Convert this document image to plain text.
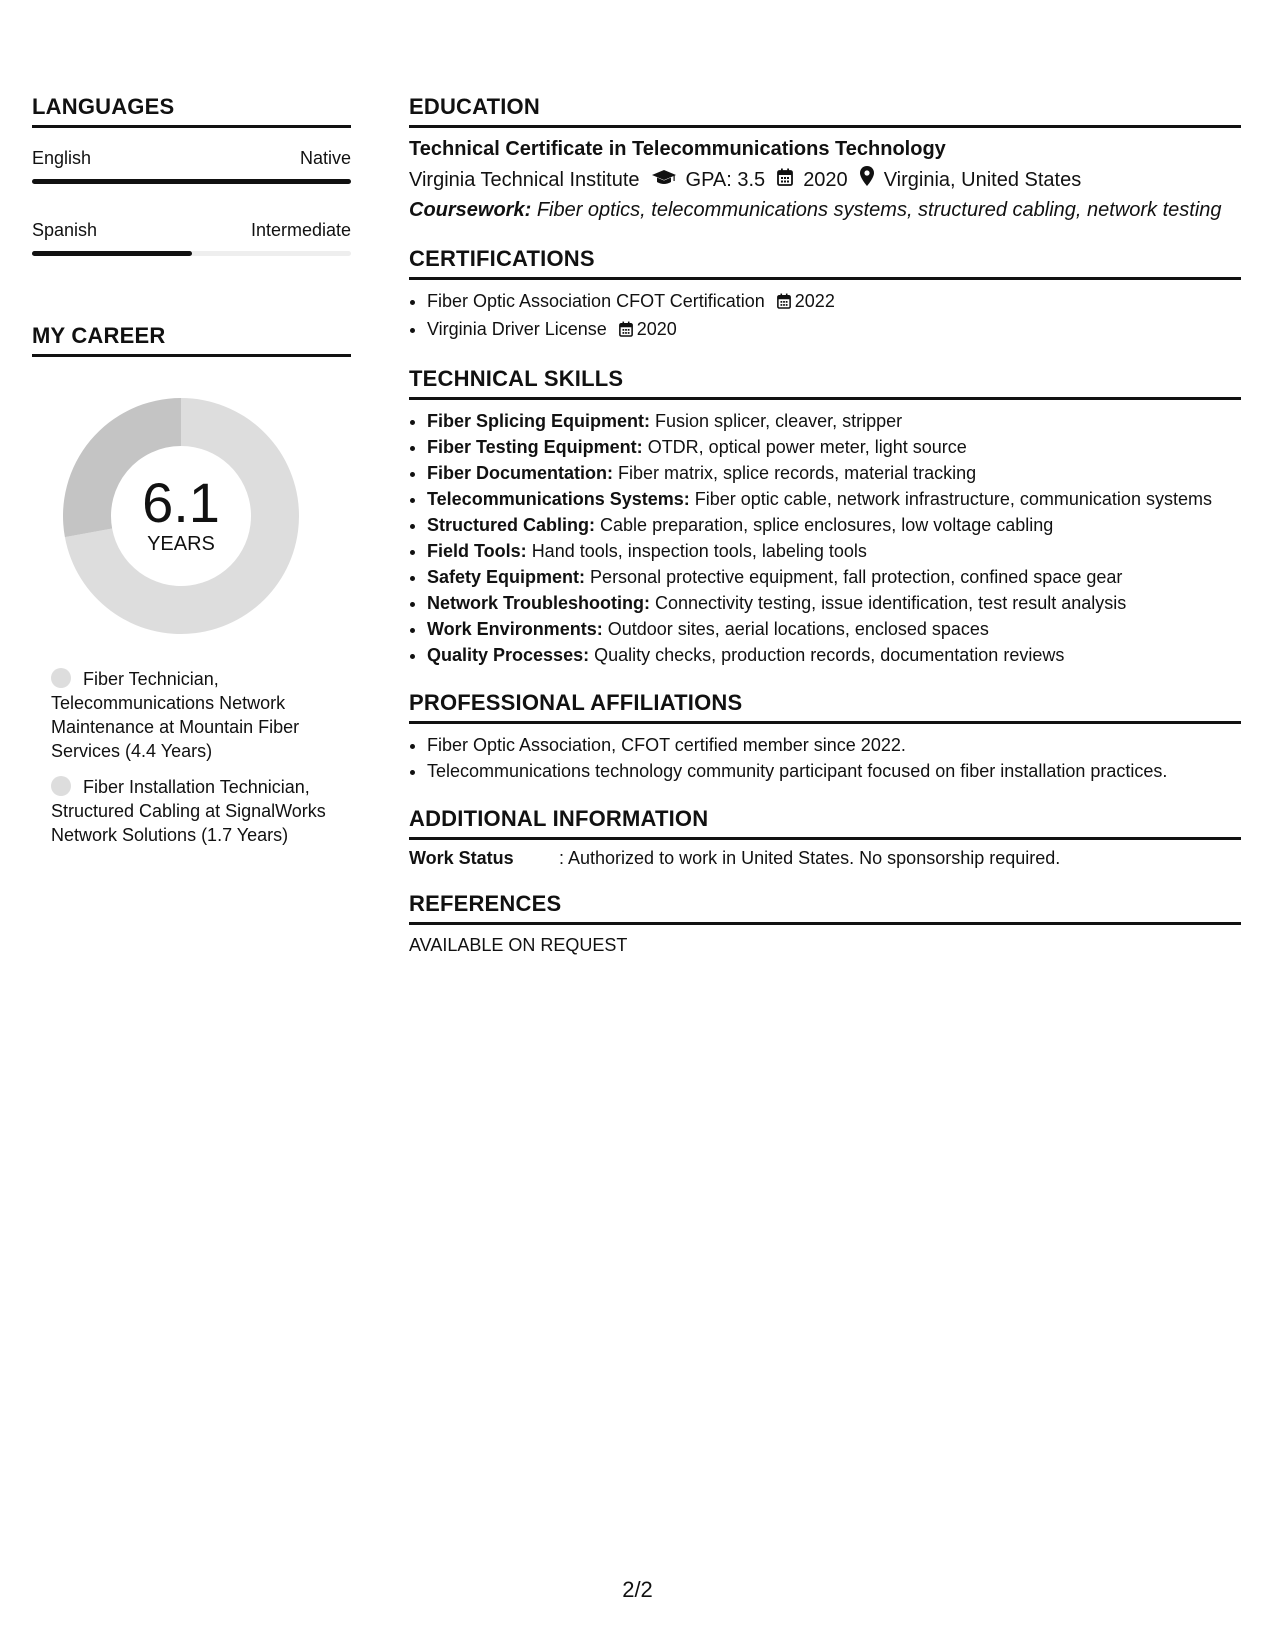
LANGUAGES
English	Native
Spanish	Intermediate
MY CAREER
6.1
YEARS
Fiber Technician, Telecommunications Network Maintenance at Mountain Fiber Services (4.4 Years)
Fiber Installation Technician, Structured Cabling at SignalWorks Network Solutions (1.7 Years)
EDUCATION
Technical Certificate in Telecommunications Technology
Virginia Technical Institute GPA: 3.5 2020 Virginia, United States
Coursework: Fiber optics, telecommunications systems, structured cabling, network testing
CERTIFICATIONS
• Fiber Optic Association CFOT Certification 2022
• Virginia Driver License 2020
TECHNICAL SKILLS
• Fiber Splicing Equipment: Fusion splicer, cleaver, stripper
• Fiber Testing Equipment: OTDR, optical power meter, light source
• Fiber Documentation: Fiber matrix, splice records, material tracking
• Telecommunications Systems: Fiber optic cable, network infrastructure, communication systems
• Structured Cabling: Cable preparation, splice enclosures, low voltage cabling
• Field Tools: Hand tools, inspection tools, labeling tools
• Safety Equipment: Personal protective equipment, fall protection, confined space gear
• Network Troubleshooting: Connectivity testing, issue identification, test result analysis
• Work Environments: Outdoor sites, aerial locations, enclosed spaces
• Quality Processes: Quality checks, production records, documentation reviews
PROFESSIONAL AFFILIATIONS
• Fiber Optic Association, CFOT certified member since 2022.
• Telecommunications technology community participant focused on fiber installation practices.
ADDITIONAL INFORMATION
Work Status	: Authorized to work in United States. No sponsorship required.
REFERENCES
AVAILABLE ON REQUEST
2/2
